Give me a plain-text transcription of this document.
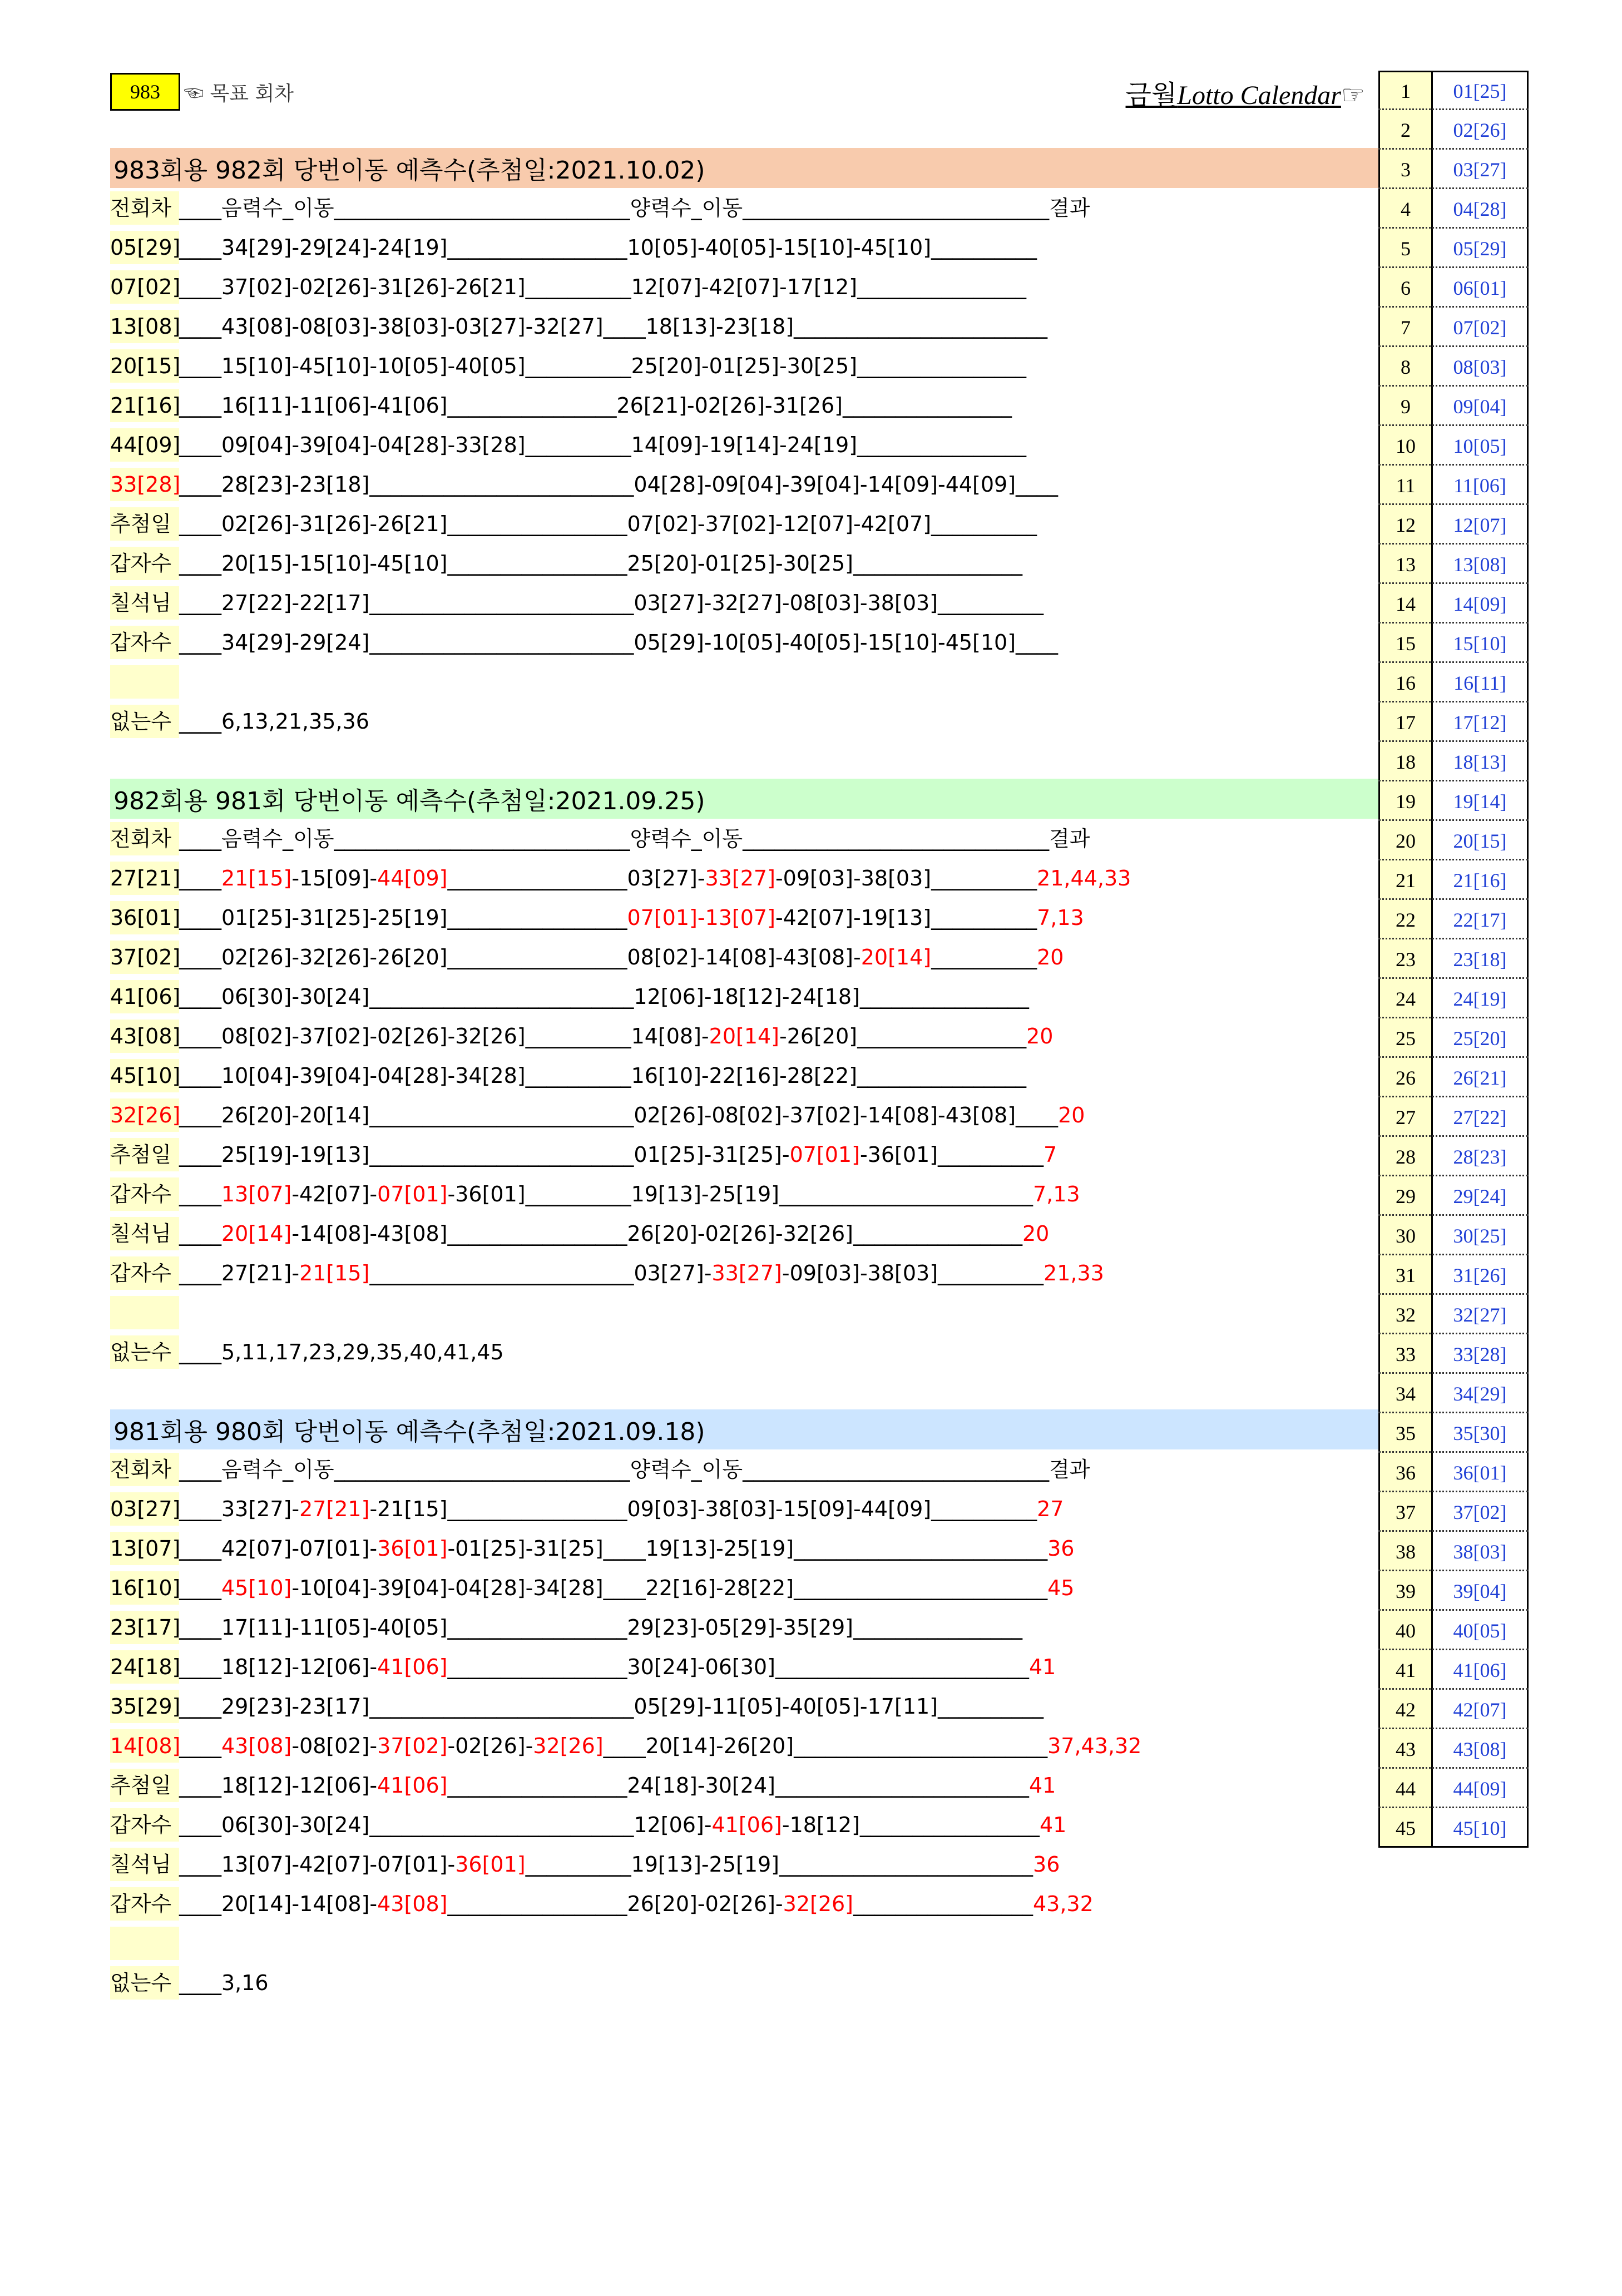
983 ☜ 목표 회차	금월Lotto Calendar☞	1	01[25]
2	02[26]
3	03[27]
4	04[28]
5	05[29]
6	06[01]
7	07[02]
8	08[03]
9	09[04]
10	10[05]
11	11[06]
12	12[07]
13	13[08]
14	14[09]
15	15[10]
16	16[11]
17	17[12]
18	18[13]
19	19[14]
20	20[15]
21	21[16]
22	22[17]
23	23[18]
24	24[19]
25	25[20]
26	26[21]
27	27[22]
28	28[23]
29	29[24]
30	30[25]
31	31[26]
32	32[27]
33	33[28]
34	34[29]
35	35[30]
36	36[01]
37	37[02]
38	38[03]
39	39[04]
40	40[05]
41	41[06]
42	42[07]
43	43[08]
44	44[09]
45	45[10]
983회용 982회 당번이동 예측수(추첨일:2021.10.02)
전회차 ____음력수_이동____________________________양력수_이동_____________________________결과
05[29]____34[29]-29[24]-24[19]_________________10[05]-40[05]-15[10]-45[10]__________
07[02]____37[02]-02[26]-31[26]-26[21]__________12[07]-42[07]-17[12]________________
13[08]____43[08]-08[03]-38[03]-03[27]-32[27]____18[13]-23[18]________________________
20[15]____15[10]-45[10]-10[05]-40[05]__________25[20]-01[25]-30[25]________________
21[16]____16[11]-11[06]-41[06]________________26[21]-02[26]-31[26]________________
44[09]____09[04]-39[04]-04[28]-33[28]__________14[09]-19[14]-24[19]________________
33[28]____28[23]-23[18]_________________________04[28]-09[04]-39[04]-14[09]-44[09]____
추첨일 ____02[26]-31[26]-26[21]_________________07[02]-37[02]-12[07]-42[07]__________
갑자수 ____20[15]-15[10]-45[10]_________________25[20]-01[25]-30[25]________________
칠석님 ____27[22]-22[17]_________________________03[27]-32[27]-08[03]-38[03]__________
갑자수 ____34[29]-29[24]_________________________05[29]-10[05]-40[05]-15[10]-45[10]____
없는수 ____6,13,21,35,36
982회용 981회 당번이동 예측수(추첨일:2021.09.25)
전회차 ____음력수_이동____________________________양력수_이동_____________________________결과
27[21]____21[15]-15[09]-44[09]_________________03[27]-33[27]-09[03]-38[03]__________21,44,33
36[01]____01[25]-31[25]-25[19]_________________07[01]-13[07]-42[07]-19[13]__________7,13
37[02]____02[26]-32[26]-26[20]_________________08[02]-14[08]-43[08]-20[14]__________20
41[06]____06[30]-30[24]_________________________12[06]-18[12]-24[18]________________
43[08]____08[02]-37[02]-02[26]-32[26]__________14[08]-20[14]-26[20]________________20
45[10]____10[04]-39[04]-04[28]-34[28]__________16[10]-22[16]-28[22]________________
32[26]____26[20]-20[14]_________________________02[26]-08[02]-37[02]-14[08]-43[08]____20
추첨일 ____25[19]-19[13]_________________________01[25]-31[25]-07[01]-36[01]__________7
갑자수 ____13[07]-42[07]-07[01]-36[01]__________19[13]-25[19]________________________7,13
칠석님 ____20[14]-14[08]-43[08]_________________26[20]-02[26]-32[26]________________20
갑자수 ____27[21]-21[15]_________________________03[27]-33[27]-09[03]-38[03]__________21,33
없는수 ____5,11,17,23,29,35,40,41,45
981회용 980회 당번이동 예측수(추첨일:2021.09.18)
전회차 ____음력수_이동____________________________양력수_이동_____________________________결과
03[27]____33[27]-27[21]-21[15]_________________09[03]-38[03]-15[09]-44[09]__________27
13[07]____42[07]-07[01]-36[01]-01[25]-31[25]____19[13]-25[19]________________________36
16[10]____45[10]-10[04]-39[04]-04[28]-34[28]____22[16]-28[22]________________________45
23[17]____17[11]-11[05]-40[05]_________________29[23]-05[29]-35[29]________________
24[18]____18[12]-12[06]-41[06]_________________30[24]-06[30]________________________41
35[29]____29[23]-23[17]_________________________05[29]-11[05]-40[05]-17[11]__________
14[08]____43[08]-08[02]-37[02]-02[26]-32[26]____20[14]-26[20]________________________37,43,32
추첨일 ____18[12]-12[06]-41[06]_________________24[18]-30[24]________________________41
갑자수 ____06[30]-30[24]_________________________12[06]-41[06]-18[12]_________________41
칠석님 ____13[07]-42[07]-07[01]-36[01]__________19[13]-25[19]________________________36
갑자수 ____20[14]-14[08]-43[08]_________________26[20]-02[26]-32[26]_________________43,32
없는수 ____3,16
